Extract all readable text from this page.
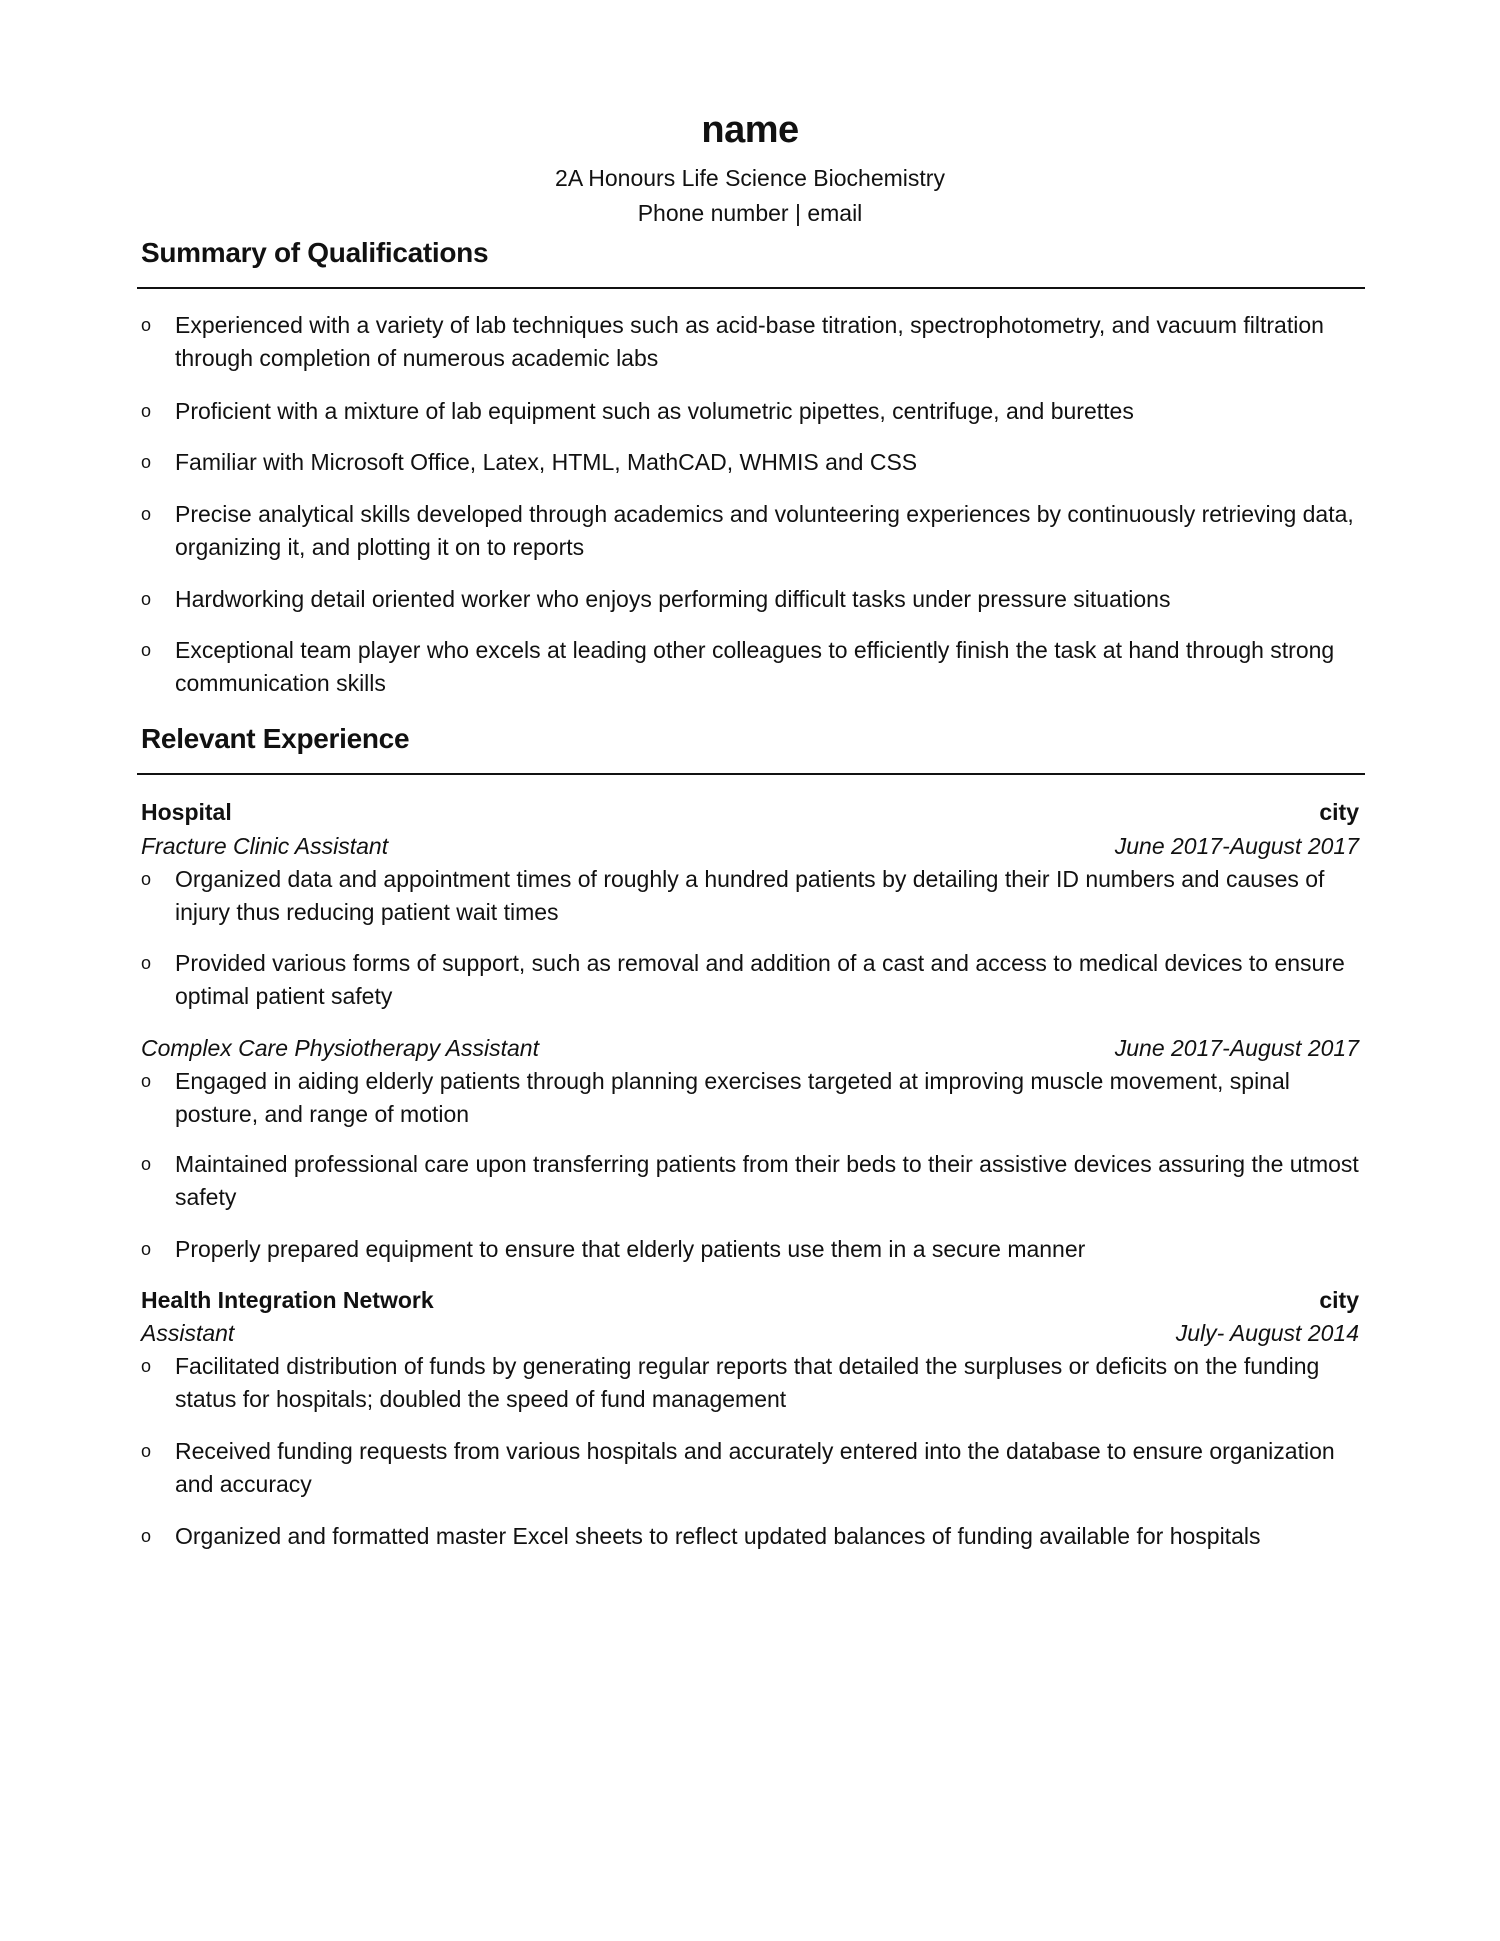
name
2A Honours Life Science Biochemistry
Phone number | email
Summary of Qualifications
o	Experienced with a variety of lab techniques such as acid-base titration, spectrophotometry, and vacuum filtration through completion of numerous academic labs
o	Proficient with a mixture of lab equipment such as volumetric pipettes, centrifuge, and burettes
o	Familiar with Microsoft Office, Latex, HTML, MathCAD, WHMIS and CSS
o	Precise analytical skills developed through academics and volunteering experiences by continuously retrieving data, organizing it, and plotting it on to reports
o	Hardworking detail oriented worker who enjoys performing difficult tasks under pressure situations
o	Exceptional team player who excels at leading other colleagues to efficiently finish the task at hand through strong communication skills
Relevant Experience
Hospital	city
Fracture Clinic Assistant	June 2017-August 2017
o	Organized data and appointment times of roughly a hundred patients by detailing their ID numbers and causes of injury thus reducing patient wait times
o	Provided various forms of support, such as removal and addition of a cast and access to medical devices to ensure optimal patient safety
Complex Care Physiotherapy Assistant	June 2017-August 2017
o	Engaged in aiding elderly patients through planning exercises targeted at improving muscle movement, spinal posture, and range of motion
o	Maintained professional care upon transferring patients from their beds to their assistive devices assuring the utmost safety
o	Properly prepared equipment to ensure that elderly patients use them in a secure manner
Health Integration Network	city
Assistant	July- August 2014
o	Facilitated distribution of funds by generating regular reports that detailed the surpluses or deficits on the funding status for hospitals; doubled the speed of fund management
o	Received funding requests from various hospitals and accurately entered into the database to ensure organization and accuracy
o	Organized and formatted master Excel sheets to reflect updated balances of funding available for hospitals
